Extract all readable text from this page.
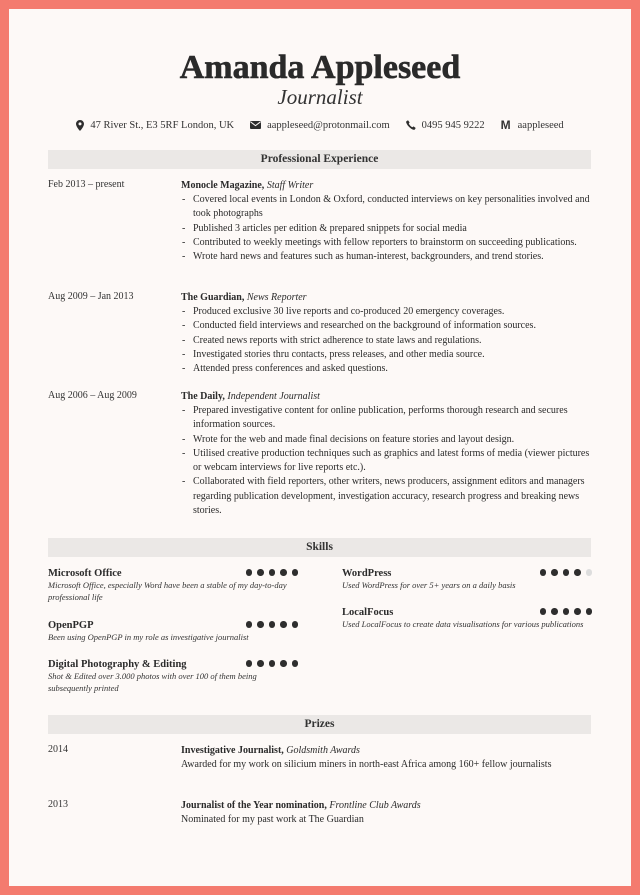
Amanda Appleseed
Journalist
47 River St., E3 5RF London, UK	aappleseed@protonmail.com	0495 945 9222 M aappleseed
Professional Experience
Feb 2013 – present	Monocle Magazine, Staff Writer
- Covered local events in London & Oxford, conducted interviews on key personalities involved and took photographs
- Published 3 articles per edition & prepared snippets for social media
- Contributed to weekly meetings with fellow reporters to brainstorm on succeeding publications.
- Wrote hard news and features such as human-interest, backgrounders, and trend stories.
Aug 2009 – Jan 2013	The Guardian, News Reporter
- Produced exclusive 30 live reports and co-produced 20 emergency coverages.
- Conducted field interviews and researched on the background of information sources.
- Created news reports with strict adherence to state laws and regulations.
- Investigated stories thru contacts, press releases, and other media source.
- Attended press conferences and asked questions.
Aug 2006 – Aug 2009	The Daily, Independent Journalist
- Prepared investigative content for online publication, performs thorough research and secures information sources.
- Wrote for the web and made final decisions on feature stories and layout design.
- Utilised creative production techniques such as graphics and latest forms of media (viewer pictures or webcam interviews for live reports etc.).
- Collaborated with field reporters, other writers, news producers, assignment editors and managers regarding publication development, investigation accuracy, research progress and breaking news stories.
Skills
Microsoft Office
Microsoft Office, especially Word have been a stable of my day-to-day professional life
OpenPGP
Been using OpenPGP in my role as investigative journalist
Digital Photography & Editing
Shot & Edited over 3.000 photos with over 100 of them being subsequently printed
WordPress
Used WordPress for over 5+ years on a daily basis
LocalFocus
Used LocalFocus to create data visualisations for various publications
Prizes
2014	Investigative Journalist, Goldsmith Awards
Awarded for my work on silicium miners in north-east Africa among 160+ fellow journalists
2013	Journalist of the Year nomination, Frontline Club Awards
Nominated for my past work at The Guardian
